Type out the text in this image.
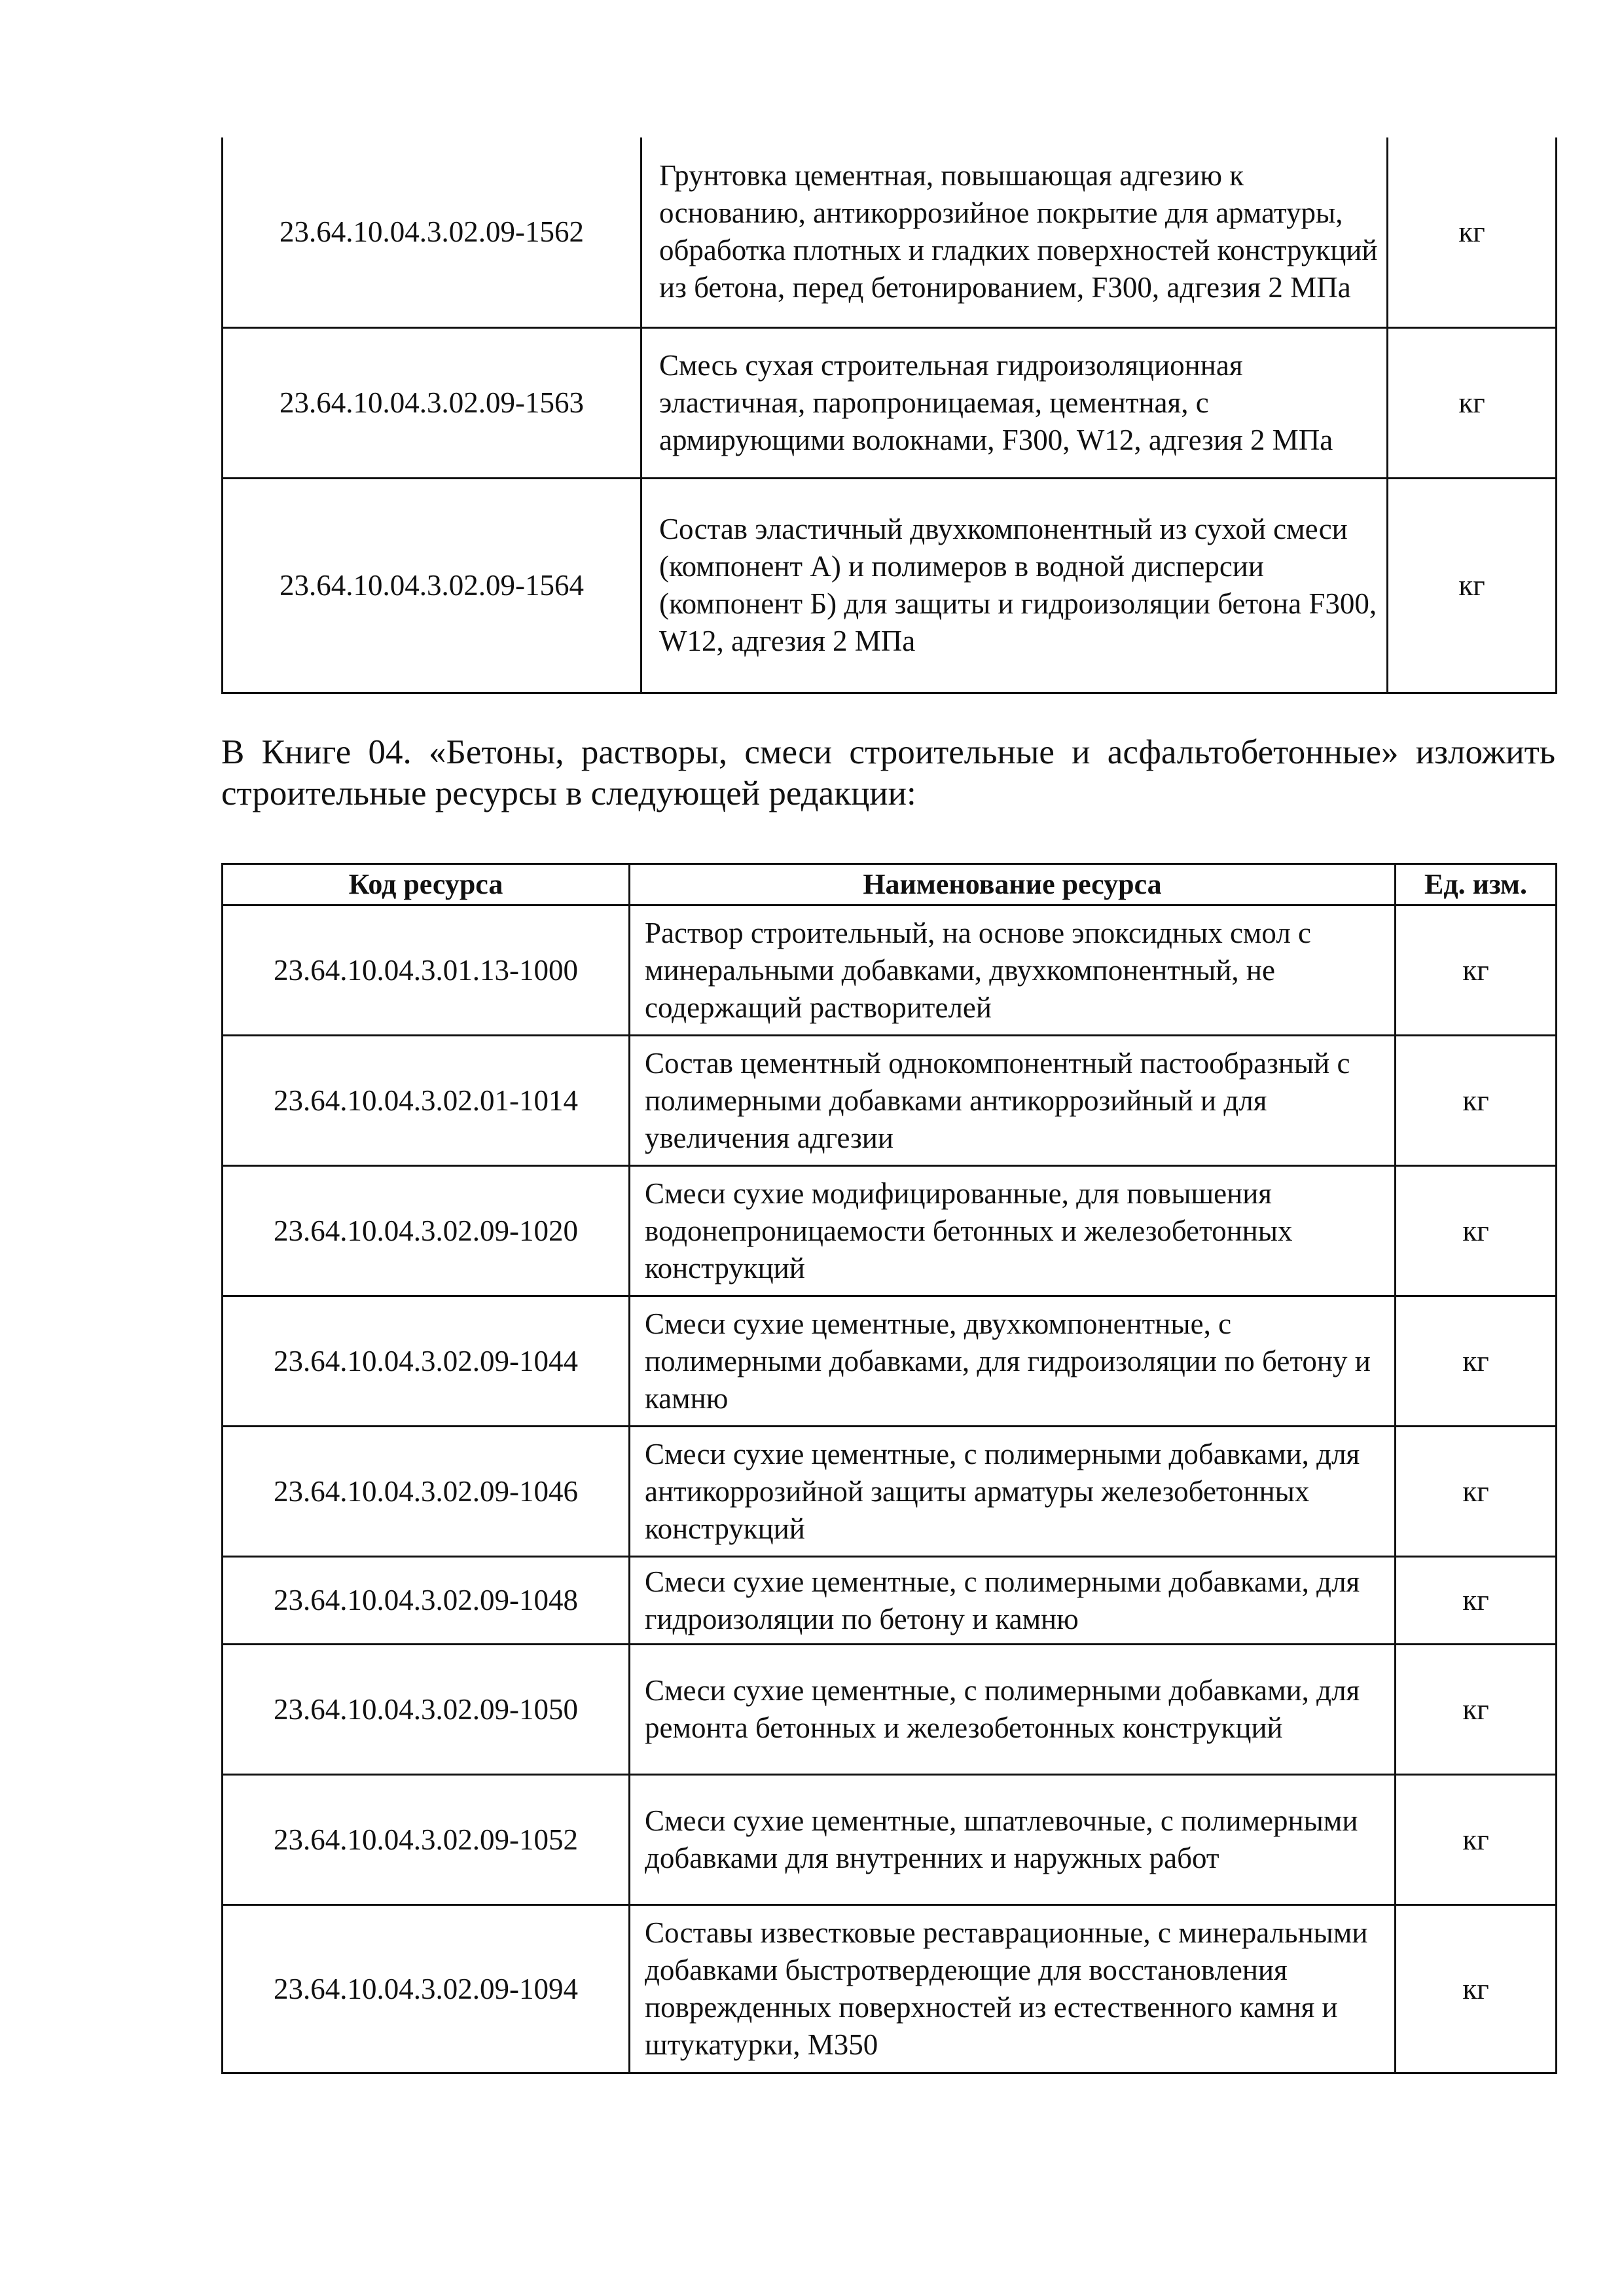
23.64.10.04.3.02.09-1562	Грунтовка цементная, повышающая адгезию к основанию, антикоррозийное покрытие для арматуры, обработка плотных и гладких поверхностей конструкций из бетона, перед бетонированием, F300, адгезия 2 МПа	кг
23.64.10.04.3.02.09-1563	Смесь сухая строительная гидроизоляционная эластичная, паропроницаемая, цементная, с армирующими волокнами, F300, W12, адгезия 2 МПа	кг
23.64.10.04.3.02.09-1564	Состав эластичный двухкомпонентный из сухой смеси (компонент А) и полимеров в водной дисперсии (компонент Б) для защиты и гидроизоляции бетона F300, W12, адгезия 2 МПа	кг

В Книге 04. «Бетоны, растворы, смеси строительные и асфальтобетонные» изложить строительные ресурсы в следующей редакции:

Код ресурса	Наименование ресурса	Ед. изм.
23.64.10.04.3.01.13-1000	Раствор строительный, на основе эпоксидных смол с минеральными добавками, двухкомпонентный, не содержащий растворителей	кг
23.64.10.04.3.02.01-1014	Состав цементный однокомпонентный пастообразный с полимерными добавками антикоррозийный и для увеличения адгезии	кг
23.64.10.04.3.02.09-1020	Смеси сухие модифицированные, для повышения водонепроницаемости бетонных и железобетонных конструкций	кг
23.64.10.04.3.02.09-1044	Смеси сухие цементные, двухкомпонентные, с полимерными добавками, для гидроизоляции по бетону и камню	кг
23.64.10.04.3.02.09-1046	Смеси сухие цементные, с полимерными добавками, для антикоррозийной защиты арматуры железобетонных конструкций	кг
23.64.10.04.3.02.09-1048	Смеси сухие цементные, с полимерными добавками, для гидроизоляции по бетону и камню	кг
23.64.10.04.3.02.09-1050	Смеси сухие цементные, с полимерными добавками, для ремонта бетонных и железобетонных конструкций	кг
23.64.10.04.3.02.09-1052	Смеси сухие цементные, шпатлевочные, с полимерными добавками для внутренних и наружных работ	кг
23.64.10.04.3.02.09-1094	Составы известковые реставрационные, с минеральными добавками быстротвердеющие для восстановления поврежденных поверхностей из естественного камня и штукатурки, М350	кг
